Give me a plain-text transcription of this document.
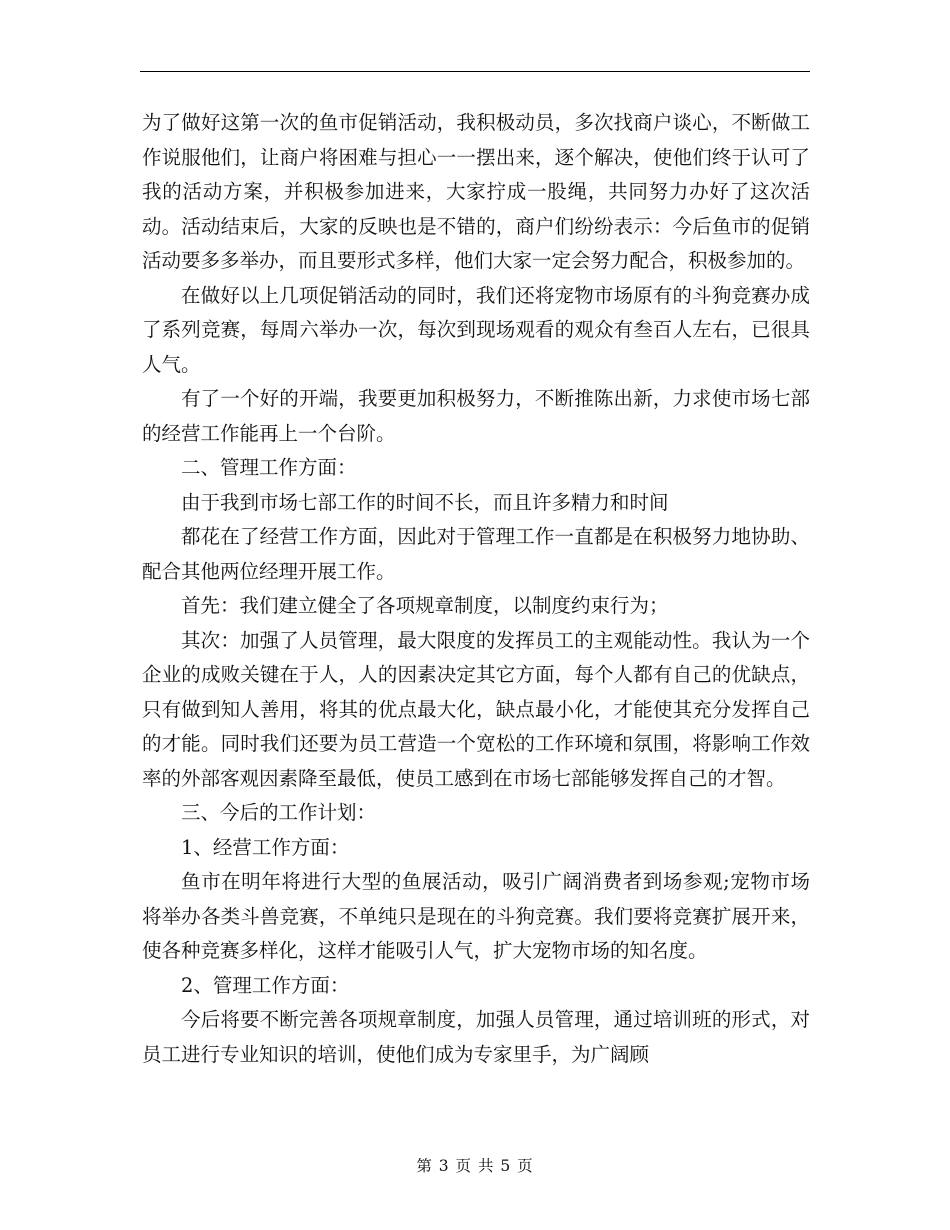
为了做好这第一次的鱼市促销活动，我积极动员，多次找商户谈心，不断做工作说服他们，让商户将困难与担心一一摆出来，逐个解决，使他们终于认可了我的活动方案，并积极参加进来，大家拧成一股绳，共同努力办好了这次活动。活动结束后，大家的反映也是不错的，商户们纷纷表示：今后鱼市的促销活动要多多举办，而且要形式多样，他们大家一定会努力配合，积极参加的。

在做好以上几项促销活动的同时，我们还将宠物市场原有的斗狗竞赛办成了系列竞赛，每周六举办一次，每次到现场观看的观众有叁百人左右，已很具人气。

有了一个好的开端，我要更加积极努力，不断推陈出新，力求使市场七部的经营工作能再上一个台阶。

二、管理工作方面：

由于我到市场七部工作的时间不长，而且许多精力和时间

都花在了经营工作方面，因此对于管理工作一直都是在积极努力地协助、配合其他两位经理开展工作。

首先：我们建立健全了各项规章制度，以制度约束行为；

其次：加强了人员管理，最大限度的发挥员工的主观能动性。我认为一个企业的成败关键在于人，人的因素决定其它方面，每个人都有自己的优缺点，只有做到知人善用，将其的优点最大化，缺点最小化，才能使其充分发挥自己的才能。同时我们还要为员工营造一个宽松的工作环境和氛围，将影响工作效率的外部客观因素降至最低，使员工感到在市场七部能够发挥自己的才智。

三、今后的工作计划：

1、经营工作方面：

鱼市在明年将进行大型的鱼展活动，吸引广阔消费者到场参观;宠物市场将举办各类斗兽竞赛，不单纯只是现在的斗狗竞赛。我们要将竞赛扩展开来，使各种竞赛多样化，这样才能吸引人气，扩大宠物市场的知名度。

2、管理工作方面：

今后将要不断完善各项规章制度，加强人员管理，通过培训班的形式，对员工进行专业知识的培训，使他们成为专家里手，为广阔顾

第 3 页 共 5 页
